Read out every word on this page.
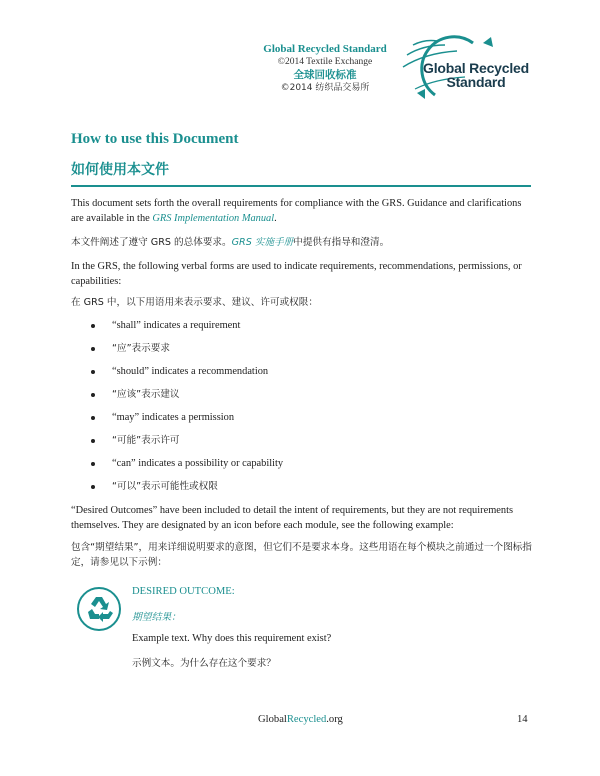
Global Recycled Standard
©2014 Textile Exchange
全球回收标准
©2014 纺织品交易所
Global Recycled
Standard
How to use this Document
如何使用本文件
This document sets forth the overall requirements for compliance with the GRS. Guidance and clarifications are available in the GRS Implementation Manual.
本文件阐述了遵守 GRS 的总体要求。GRS 实施手册中提供有指导和澄清。
In the GRS, the following verbal forms are used to indicate requirements, recommendations, permissions, or capabilities:
在 GRS 中，以下用语用来表示要求、建议、许可或权限：
“shall” indicates a requirement
“应”表示要求
“should” indicates a recommendation
“应该”表示建议
“may” indicates a permission
“可能”表示许可
“can” indicates a possibility or capability
“可以”表示可能性或权限
“Desired Outcomes” have been included to detail the intent of requirements, but they are not requirements themselves. They are designated by an icon before each module, see the following example:
包含“期望结果”，用来详细说明要求的意图，但它们不是要求本身。这些用语在每个模块之前通过一个图标指定，请参见以下示例：
DESIRED OUTCOME:
期望结果：
Example text. Why does this requirement exist?
示例文本。为什么存在这个要求？
GlobalRecycled.org	14
